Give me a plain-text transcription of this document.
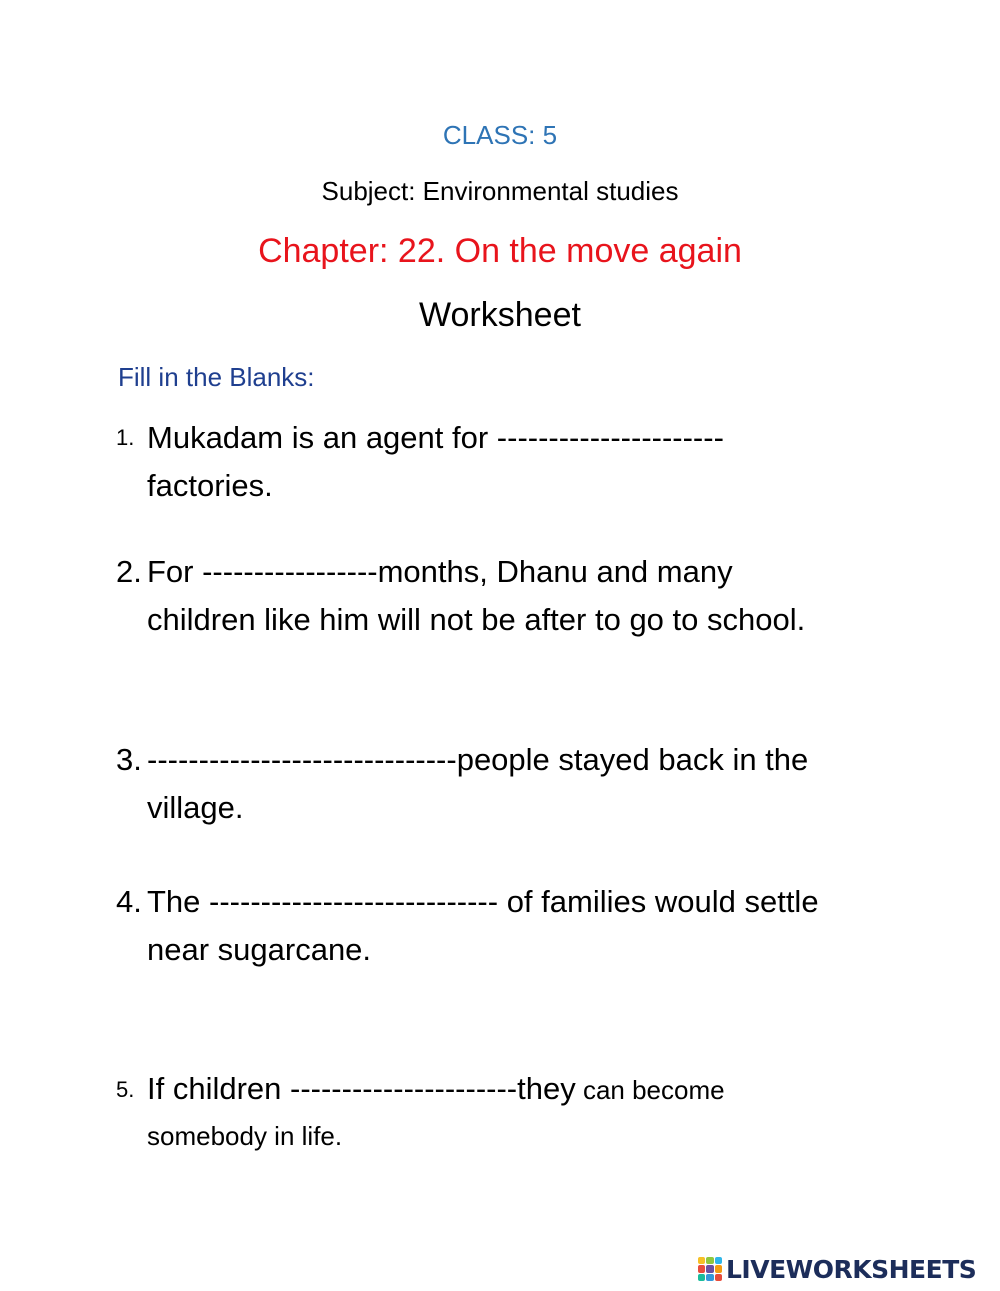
CLASS: 5
Subject: Environmental studies
Chapter: 22. On the move again
Worksheet
Fill in the Blanks:
1. Mukadam is an agent for ----------------------
factories.
2. For -----------------months, Dhanu and many
children like him will not be after to go to school.
3. ------------------------------people stayed back in the
village.
4. The ---------------------------- of families would settle
near sugarcane.
5. If children ----------------------they can become
somebody in life.
LIVEWORKSHEETS
